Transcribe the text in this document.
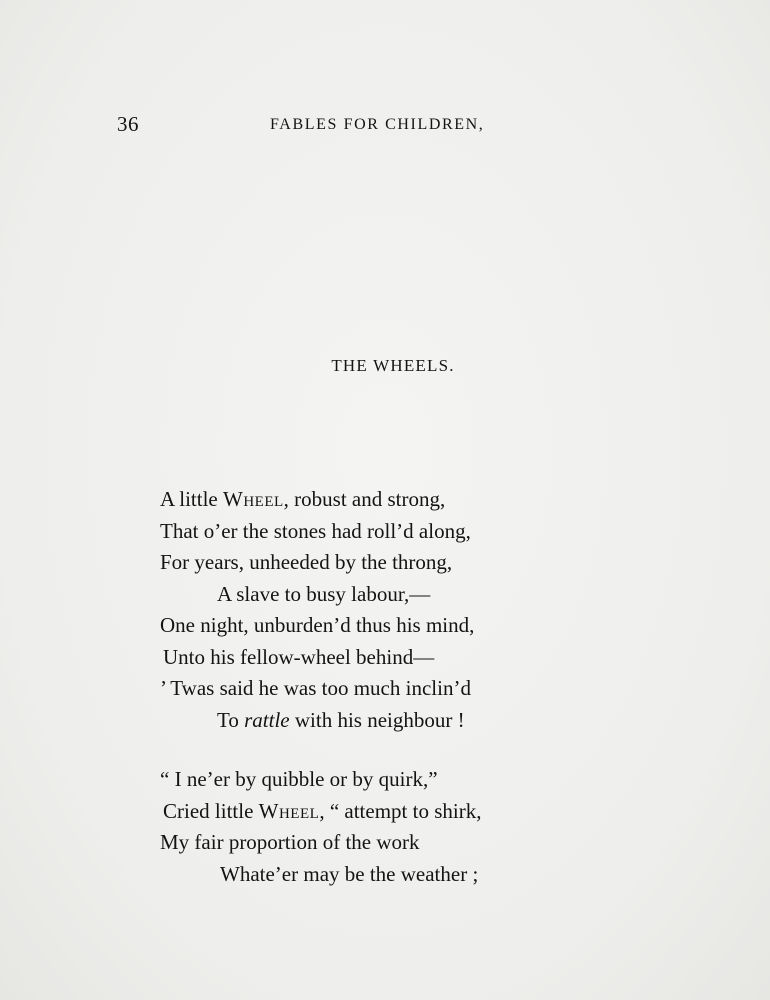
36	FABLES FOR CHILDREN,
THE WHEELS.
A little Wheel, robust and strong,
That o’er the stones had roll’d along,
For years, unheeded by the throng,
A slave to busy labour,—
One night, unburden’d thus his mind,
Unto his fellow-wheel behind—
’ Twas said he was too much inclin’d
To rattle with his neighbour !
“ I ne’er by quibble or by quirk,”
Cried little Wheel, “ attempt to shirk,
My fair proportion of the work
Whate’er may be the weather ;
